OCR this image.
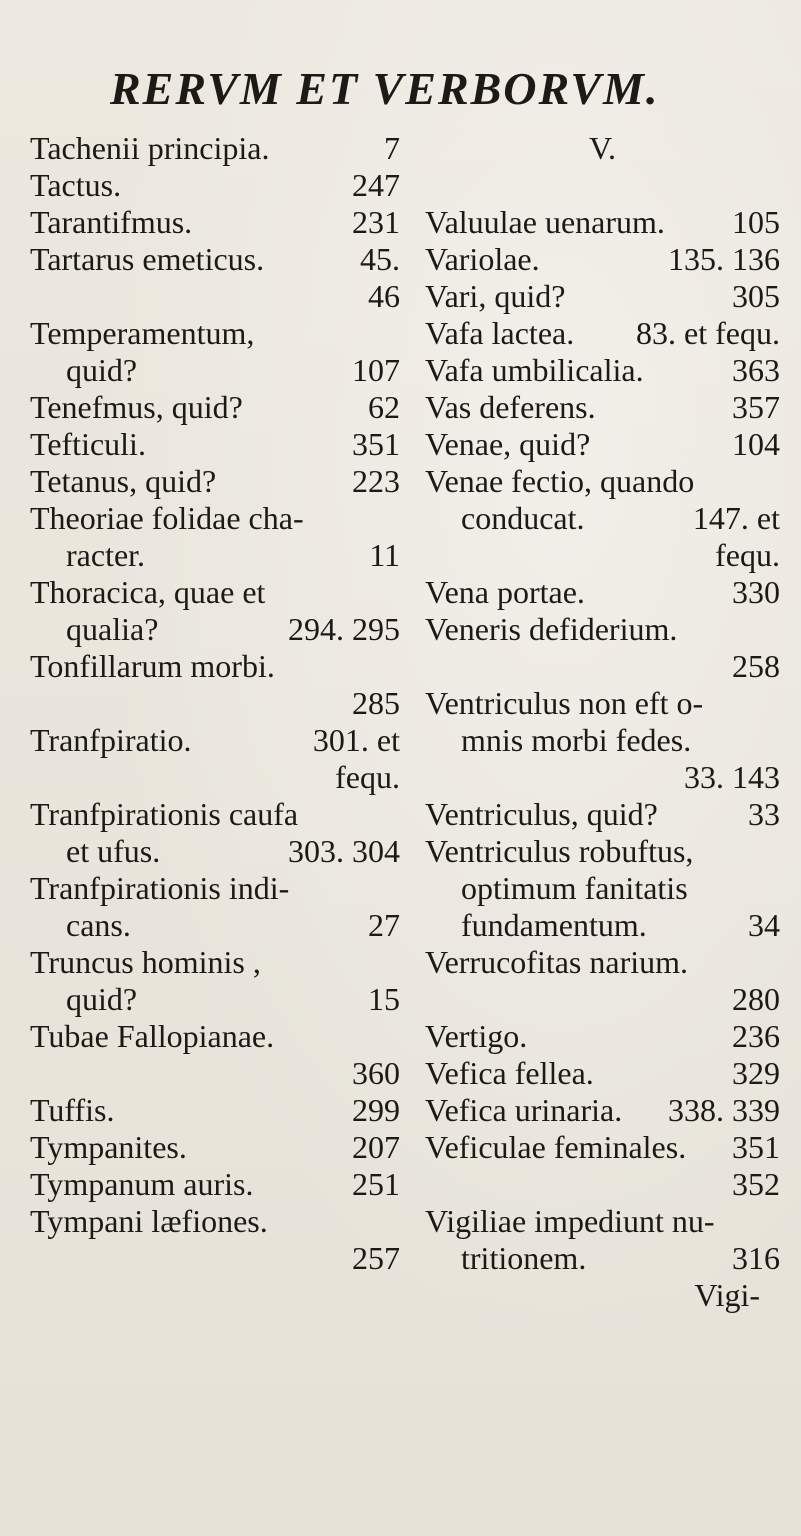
RERVM ET VERBORVM.
Tachenii principia.	7
Tactus.	247
Tarantifmus.	231
Tartarus emeticus.	45.
46
Temperamentum,
quid?	107
Tenefmus, quid?	62
Tefticuli.	351
Tetanus, quid?	223
Theoriae folidae cha-
racter.	11
Thoracica, quae et
qualia?	294. 295
Tonfillarum morbi.
285
Tranfpiratio.	301. et
fequ.
Tranfpirationis caufa
et ufus.	303. 304
Tranfpirationis indi-
cans.	27
Truncus hominis ,
quid?	15
Tubae Fallopianae.
360
Tuffis.	299
Tympanites.	207
Tympanum auris.	251
Tympani læfiones.
257
V.
Valuulae uenarum. 105
Variolae.	135. 136
Vari, quid?	305
Vafa lactea. 83. et fequ.
Vafa umbilicalia.	363
Vas deferens.	357
Venae, quid?	104
Venae fectio, quando
conducat.	147. et
fequ.
Vena portae.	330
Veneris defiderium.
258
Ventriculus non eft o-
mnis morbi fedes.
33. 143
Ventriculus, quid?	33
Ventriculus robuftus,
optimum fanitatis
fundamentum.	34
Verrucofitas narium.
280
Vertigo.	236
Vefica fellea.	329
Vefica urinaria. 338. 339
Veficulae feminales. 351
352
Vigiliae impediunt nu-
tritionem.	316
Vigi-
